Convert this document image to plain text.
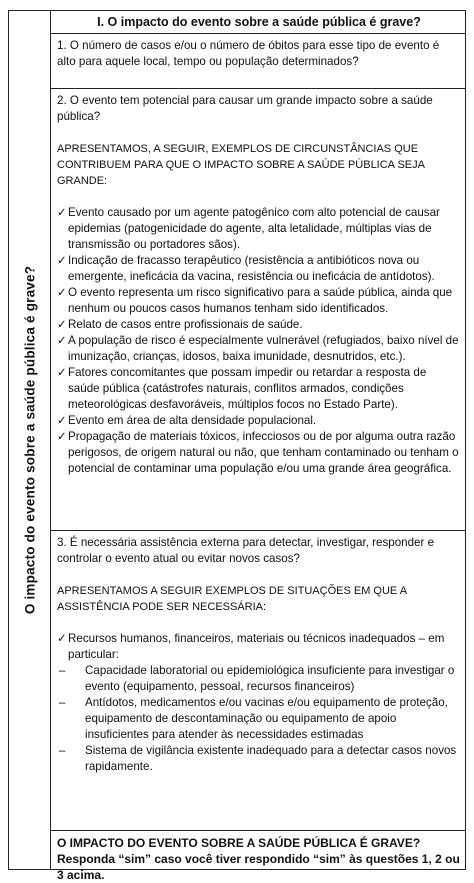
O impacto do evento sobre a saúde pública é grave?
I. O impacto do evento sobre a saúde pública é grave?
1. O número de casos e/ou o número de óbitos para esse tipo de evento é alto para aquele local, tempo ou população determinados?
2. O evento tem potencial para causar um grande impacto sobre a saúde pública?
APRESENTAMOS, A SEGUIR, EXEMPLOS DE CIRCUNSTÂNCIAS QUE CONTRIBUEM PARA QUE O IMPACTO SOBRE A SAÚDE PÚBLICA SEJA GRANDE:
✓ Evento causado por um agente patogênico com alto potencial de causar epidemias (patogenicidade do agente, alta letalidade, múltiplas vias de transmissão ou portadores sãos).
✓ Indicação de fracasso terapêutico (resistência a antibióticos nova ou emergente, ineficácia da vacina, resistência ou ineficácia de antídotos).
✓ O evento representa um risco significativo para a saúde pública, ainda que nenhum ou poucos casos humanos tenham sido identificados.
✓ Relato de casos entre profissionais de saúde.
✓ A população de risco é especialmente vulnerável (refugiados, baixo nível de imunização, crianças, idosos, baixa imunidade, desnutridos, etc.).
✓ Fatores concomitantes que possam impedir ou retardar a resposta de saúde pública (catástrofes naturais, conflitos armados, condições meteorológicas desfavoráveis, múltiplos focos no Estado Parte).
✓ Evento em área de alta densidade populacional.
✓ Propagação de materiais tóxicos, infecciosos ou de por alguma outra razão perigosos, de origem natural ou não, que tenham contaminado ou tenham o potencial de contaminar uma população e/ou uma grande área geográfica.
3. É necessária assistência externa para detectar, investigar, responder e controlar o evento atual ou evitar novos casos?
APRESENTAMOS A SEGUIR EXEMPLOS DE SITUAÇÕES EM QUE A ASSISTÊNCIA PODE SER NECESSÁRIA:
✓ Recursos humanos, financeiros, materiais ou técnicos inadequados – em particular:
–	Capacidade laboratorial ou epidemiológica insuficiente para investigar o evento (equipamento, pessoal, recursos financeiros)
–	Antídotos, medicamentos e/ou vacinas e/ou equipamento de proteção, equipamento de descontaminação ou equipamento de apoio insuficientes para atender às necessidades estimadas
–	Sistema de vigilância existente inadequado para a detectar casos novos rapidamente.
O IMPACTO DO EVENTO SOBRE A SAÚDE PÚBLICA É GRAVE? Responda “sim” caso você tiver respondido “sim” às questões 1, 2 ou 3 acima.
